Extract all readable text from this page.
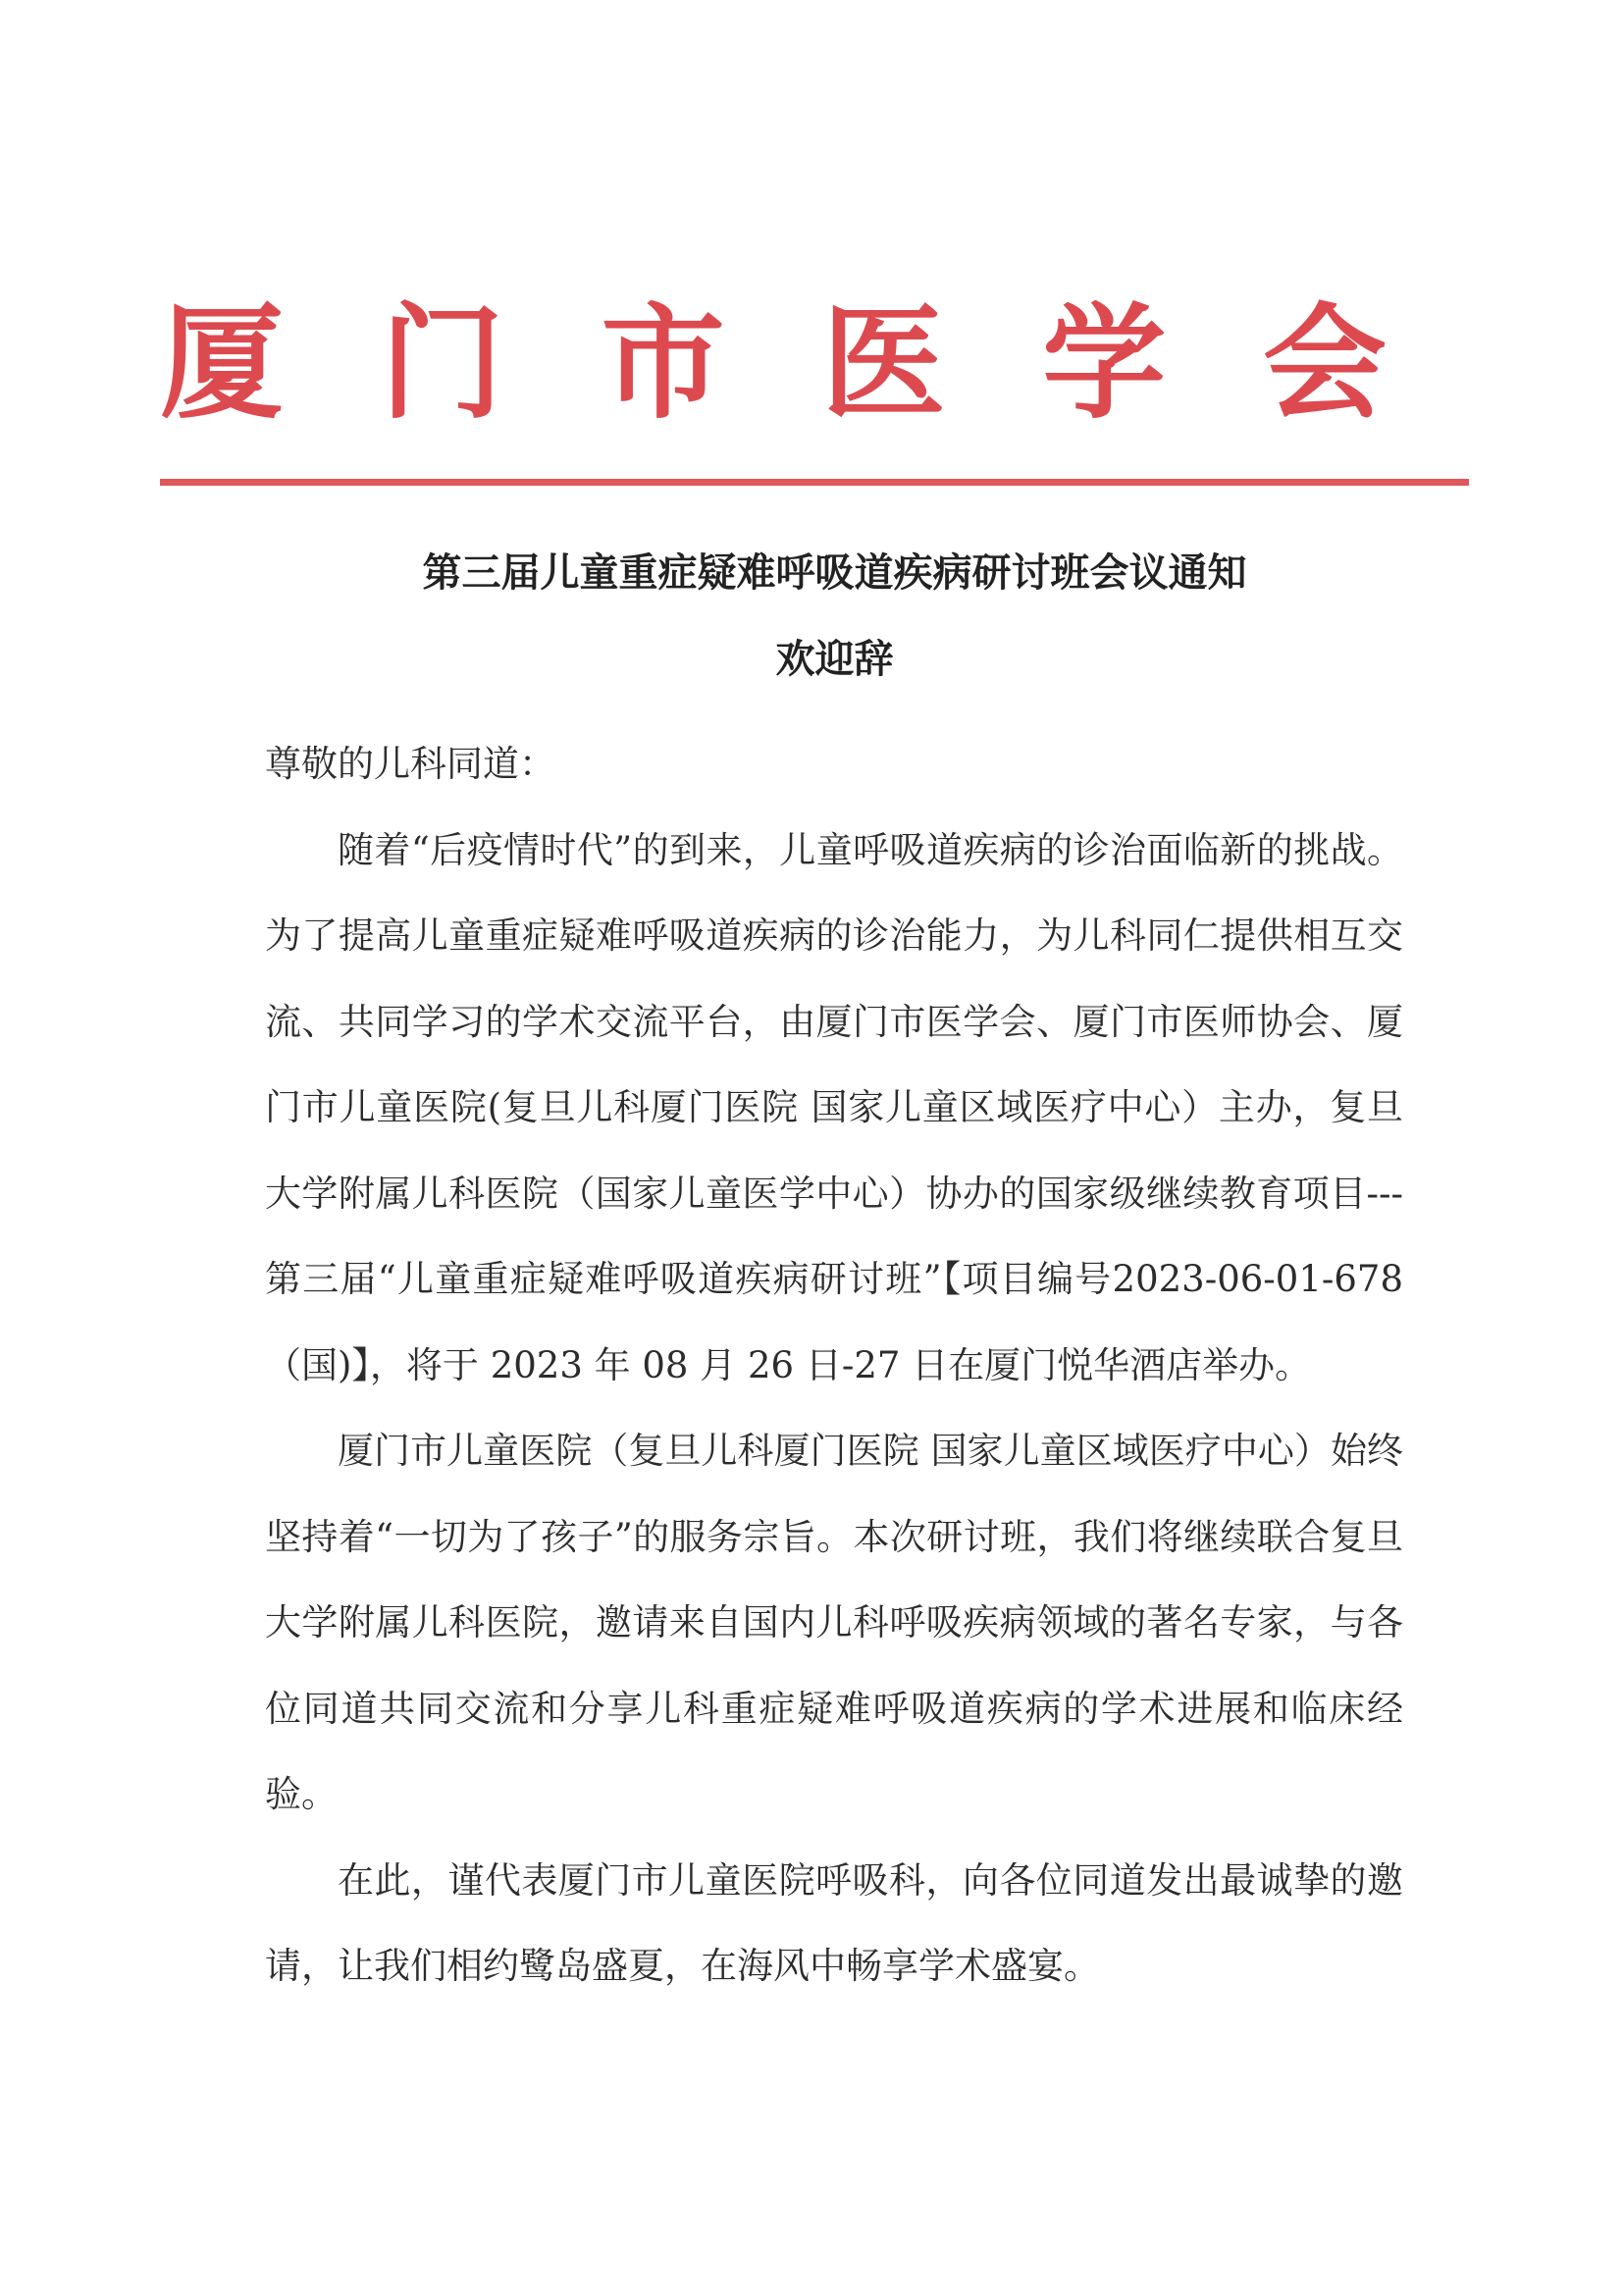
厦 门 市 医 学 会
第三届儿童重症疑难呼吸道疾病研讨班会议通知
欢迎辞

尊敬的儿科同道：

随着“后疫情时代”的到来，儿童呼吸道疾病的诊治面临新的挑战。为了提高儿童重症疑难呼吸道疾病的诊治能力，为儿科同仁提供相互交流、共同学习的学术交流平台，由厦门市医学会、厦门市医师协会、厦门市儿童医院(复旦儿科厦门医院 国家儿童区域医疗中心）主办，复旦大学附属儿科医院（国家儿童医学中心）协办的国家级继续教育项目---第三届“儿童重症疑难呼吸道疾病研讨班”【项目编号2023-06-01-678（国)】，将于 2023 年 08 月 26 日-27 日在厦门悦华酒店举办。

厦门市儿童医院（复旦儿科厦门医院 国家儿童区域医疗中心）始终坚持着“一切为了孩子”的服务宗旨。本次研讨班，我们将继续联合复旦大学附属儿科医院，邀请来自国内儿科呼吸疾病领域的著名专家，与各位同道共同交流和分享儿科重症疑难呼吸道疾病的学术进展和临床经验。

在此，谨代表厦门市儿童医院呼吸科，向各位同道发出最诚挚的邀请，让我们相约鹭岛盛夏，在海风中畅享学术盛宴。
